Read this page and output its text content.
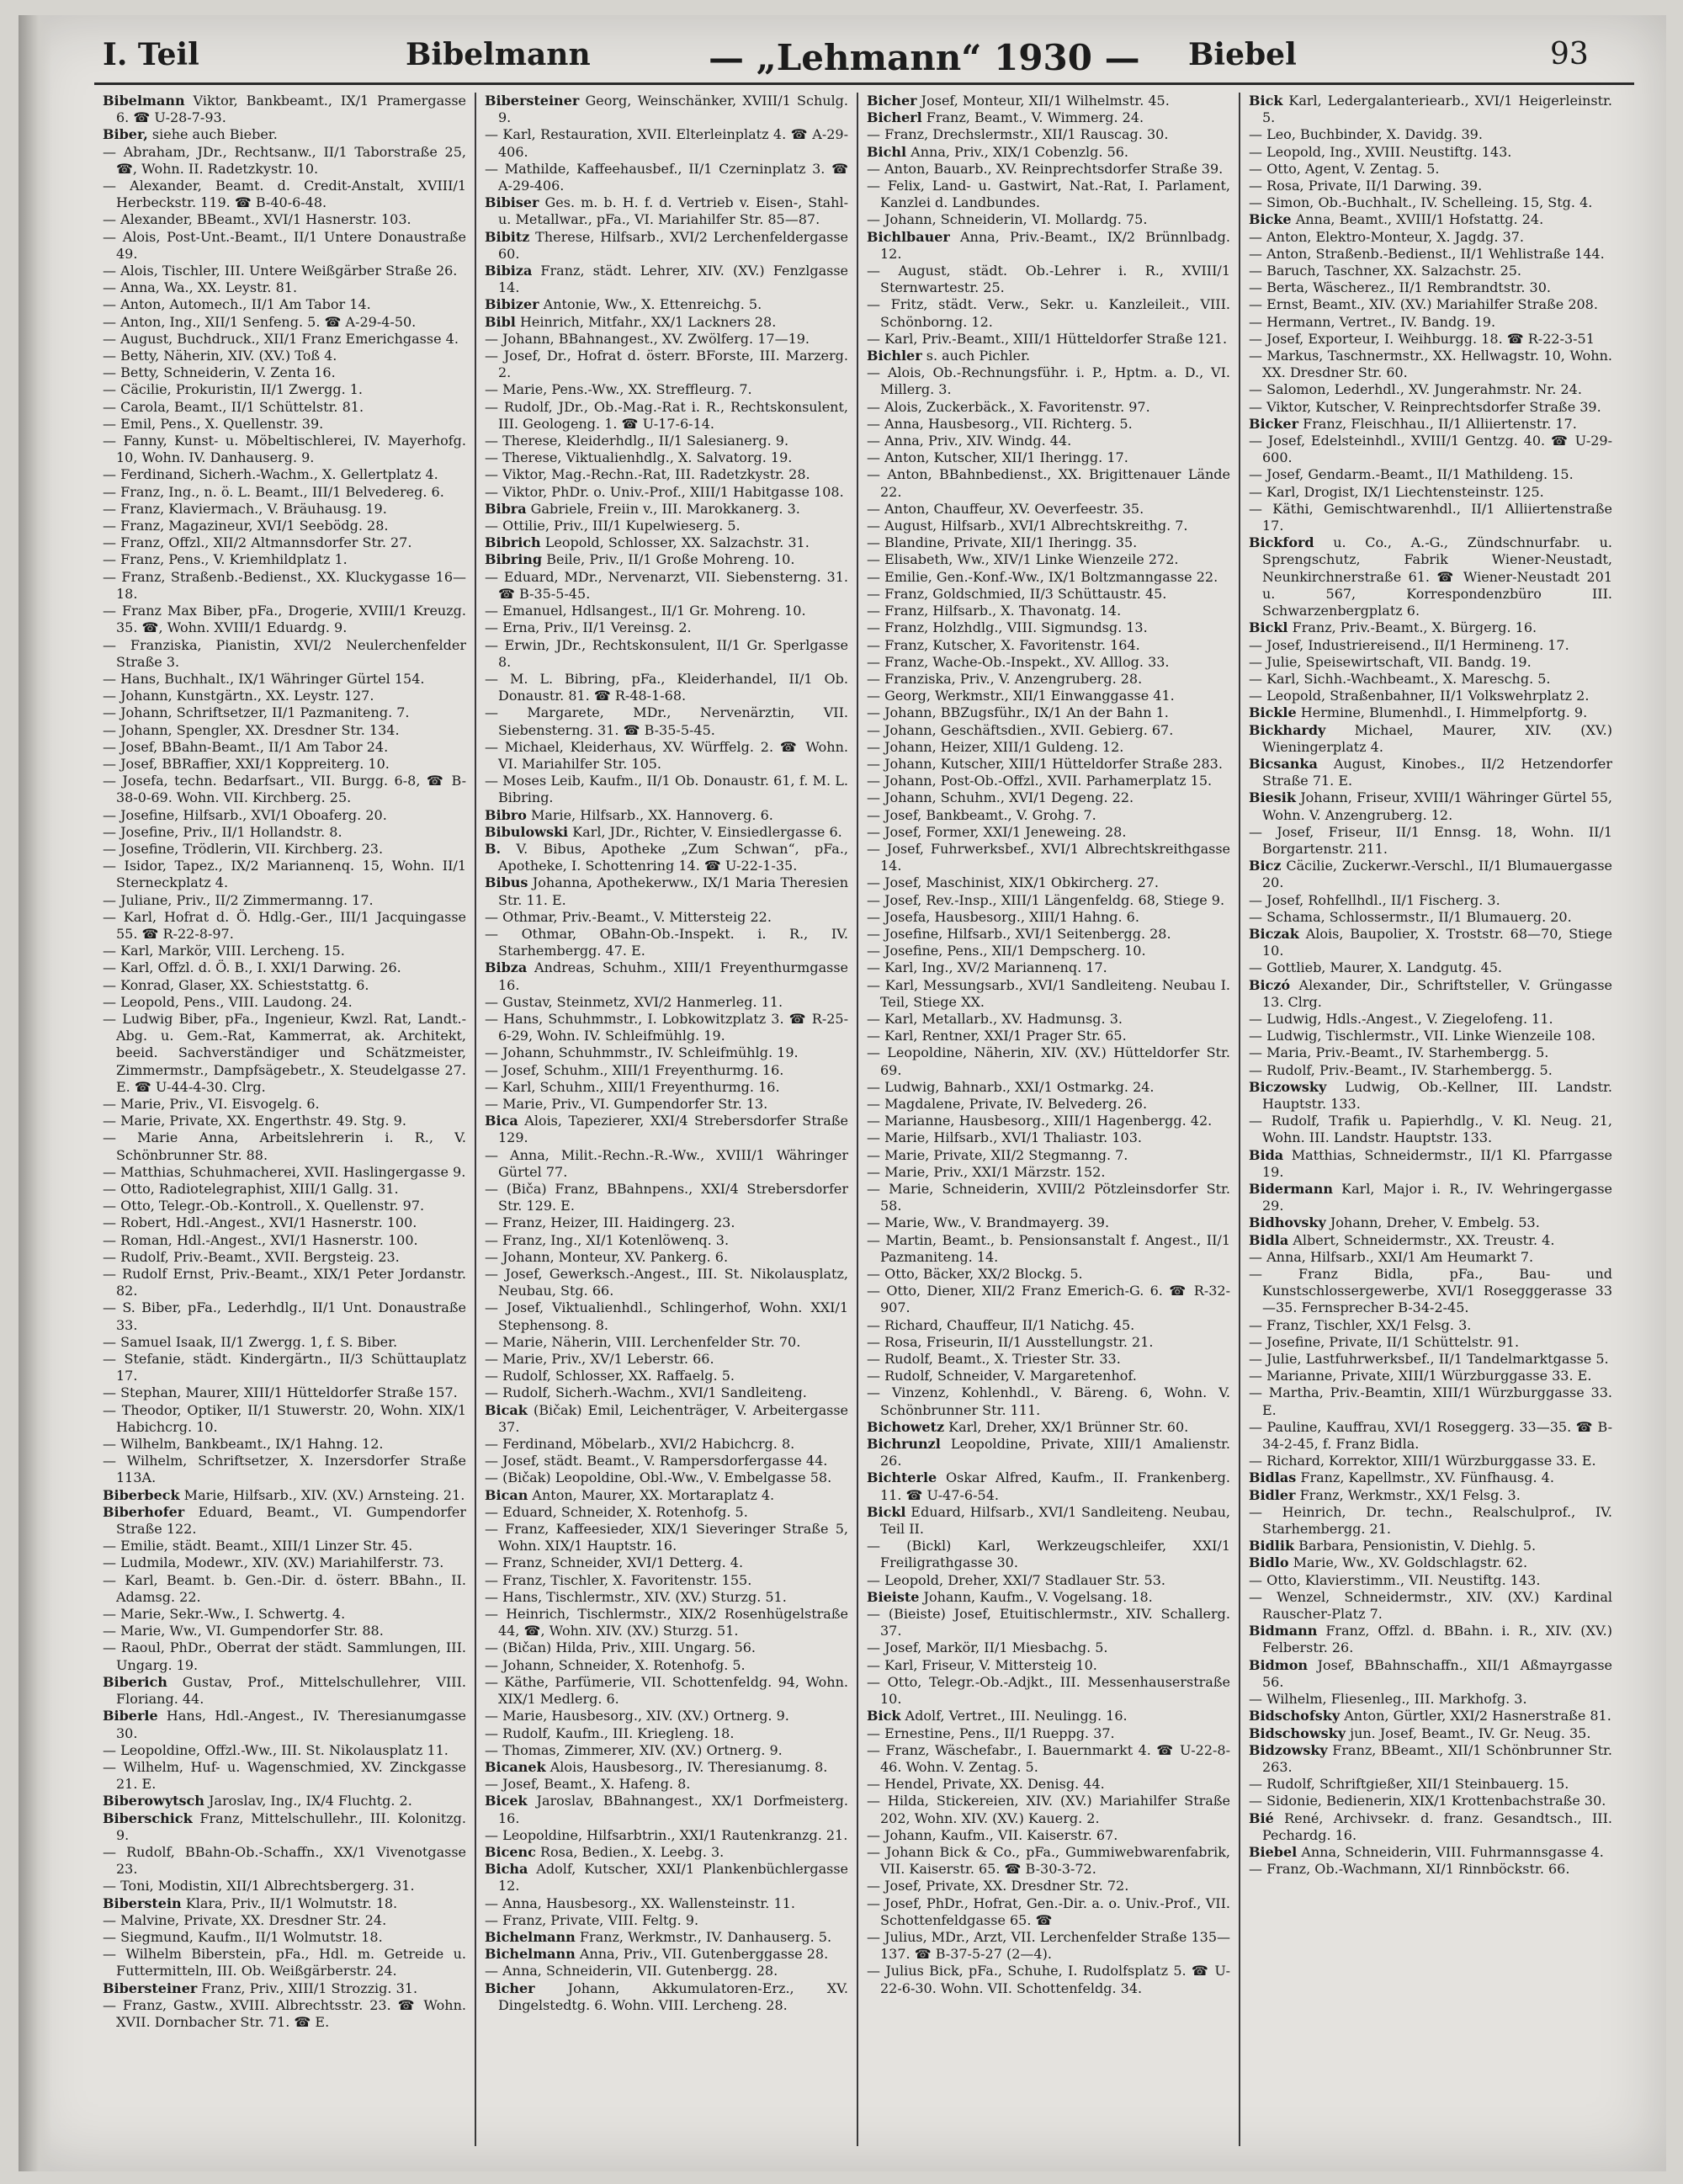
I. Teil	Bibelmann	— „Lehmann“ 1930 — Biebel	93
Bibelmann Viktor, Bankbeamt., IX/1 Pramergasse 6. ☎ U-28-7-93.
Biber, siehe auch Bieber.
— Abraham, JDr., Rechtsanw., II/1 Taborstraße 25, ☎, Wohn. II. Radetzkystr. 10.
— Alexander, Beamt. d. Credit-Anstalt, XVIII/1 Herbeckstr. 119. ☎ B-40-6-48.
— Alexander, BBeamt., XVI/1 Hasnerstr. 103.
— Alois, Post-Unt.-Beamt., II/1 Untere Donaustraße 49.
— Alois, Tischler, III. Untere Weißgärber Straße 26.
— Anna, Wa., XX. Leystr. 81.
— Anton, Automech., II/1 Am Tabor 14.
— Anton, Ing., XII/1 Senfeng. 5. ☎ A-29-4-50.
— August, Buchdruck., XII/1 Franz Emerichgasse 4.
— Betty, Näherin, XIV. (XV.) Toß 4.
— Betty, Schneiderin, V. Zenta 16.
— Cäcilie, Prokuristin, II/1 Zwergg. 1.
— Carola, Beamt., II/1 Schüttelstr. 81.
— Emil, Pens., X. Quellenstr. 39.
— Fanny, Kunst- u. Möbeltischlerei, IV. Mayerhofg. 10, Wohn. IV. Danhauserg. 9.
— Ferdinand, Sicherh.-Wachm., X. Gellertplatz 4.
— Franz, Ing., n. ö. L. Beamt., III/1 Belvedereg. 6.
— Franz, Klaviermach., V. Bräuhausg. 19.
— Franz, Magazineur, XVI/1 Seebödg. 28.
— Franz, Offzl., XII/2 Altmannsdorfer Str. 27.
— Franz, Pens., V. Kriemhildplatz 1.
— Franz, Straßenb.-Bedienst., XX. Kluckygasse 16—18.
— Franz Max Biber, pFa., Drogerie, XVIII/1 Kreuzg. 35. ☎, Wohn. XVIII/1 Eduardg. 9.
— Franziska, Pianistin, XVI/2 Neulerchenfelder Straße 3.
— Hans, Buchhalt., IX/1 Währinger Gürtel 154.
— Johann, Kunstgärtn., XX. Leystr. 127.
— Johann, Schriftsetzer, II/1 Pazmaniteng. 7.
— Johann, Spengler, XX. Dresdner Str. 134.
— Josef, BBahn-Beamt., II/1 Am Tabor 24.
— Josef, BBRaffier, XXI/1 Koppreiterg. 10.
— Josefa, techn. Bedarfsart., VII. Burgg. 6-8, ☎ B-38-0-69. Wohn. VII. Kirchberg. 25.
— Josefine, Hilfsarb., XVI/1 Oboaferg. 20.
— Josefine, Priv., II/1 Hollandstr. 8.
— Josefine, Trödlerin, VII. Kirchberg. 23.
— Isidor, Tapez., IX/2 Mariannenq. 15, Wohn. II/1 Sterneckplatz 4.
— Juliane, Priv., II/2 Zimmermanng. 17.
— Karl, Hofrat d. Ö. Hdlg.-Ger., III/1 Jacquingasse 55. ☎ R-22-8-97.
— Karl, Markör, VIII. Lercheng. 15.
— Karl, Offzl. d. Ö. B., I. XXI/1 Darwing. 26.
— Konrad, Glaser, XX. Schieststattg. 6.
— Leopold, Pens., VIII. Laudong. 24.
— Ludwig Biber, pFa., Ingenieur, Kwzl. Rat, Landt.-Abg. u. Gem.-Rat, Kammerrat, ak. Architekt, beeid. Sachverständiger und Schätzmeister, Zimmermstr., Dampfsägebetr., X. Steudelgasse 27. E. ☎ U-44-4-30. Clrg.
— Marie, Priv., VI. Eisvogelg. 6.
— Marie, Private, XX. Engerthstr. 49. Stg. 9.
— Marie Anna, Arbeitslehrerin i. R., V. Schönbrunner Str. 88.
— Matthias, Schuhmacherei, XVII. Haslingergasse 9.
— Otto, Radiotelegraphist, XIII/1 Gallg. 31.
— Otto, Telegr.-Ob.-Kontroll., X. Quellenstr. 97.
— Robert, Hdl.-Angest., XVI/1 Hasnerstr. 100.
— Roman, Hdl.-Angest., XVI/1 Hasnerstr. 100.
— Rudolf, Priv.-Beamt., XVII. Bergsteig. 23.
— Rudolf Ernst, Priv.-Beamt., XIX/1 Peter Jordanstr. 82.
— S. Biber, pFa., Lederhdlg., II/1 Unt. Donaustraße 33.
— Samuel Isaak, II/1 Zwergg. 1, f. S. Biber.
— Stefanie, städt. Kindergärtn., II/3 Schüttauplatz 17.
— Stephan, Maurer, XIII/1 Hütteldorfer Straße 157.
— Theodor, Optiker, II/1 Stuwerstr. 20, Wohn. XIX/1 Habichcrg. 10.
— Wilhelm, Bankbeamt., IX/1 Hahng. 12.
— Wilhelm, Schriftsetzer, X. Inzersdorfer Straße 113A.
Biberbeck Marie, Hilfsarb., XIV. (XV.) Arnsteing. 21.
Biberhofer Eduard, Beamt., VI. Gumpendorfer Straße 122.
— Emilie, städt. Beamt., XIII/1 Linzer Str. 45.
— Ludmila, Modewr., XIV. (XV.) Mariahilferstr. 73.
— Karl, Beamt. b. Gen.-Dir. d. österr. BBahn., II. Adamsg. 22.
— Marie, Sekr.-Ww., I. Schwertg. 4.
— Marie, Ww., VI. Gumpendorfer Str. 88.
— Raoul, PhDr., Oberrat der städt. Sammlungen, III. Ungarg. 19.
Biberich Gustav, Prof., Mittelschullehrer, VIII. Floriang. 44.
Biberle Hans, Hdl.-Angest., IV. Theresianumgasse 30.
— Leopoldine, Offzl.-Ww., III. St. Nikolausplatz 11.
— Wilhelm, Huf- u. Wagenschmied, XV. Zinckgasse 21. E.
Biberowytsch Jaroslav, Ing., IX/4 Fluchtg. 2.
Biberschick Franz, Mittelschullehr., III. Kolonitzg. 9.
— Rudolf, BBahn-Ob.-Schaffn., XX/1 Vivenotgasse 23.
— Toni, Modistin, XII/1 Albrechtsbergerg. 31.
Biberstein Klara, Priv., II/1 Wolmutstr. 18.
— Malvine, Private, XX. Dresdner Str. 24.
— Siegmund, Kaufm., II/1 Wolmutstr. 18.
— Wilhelm Biberstein, pFa., Hdl. m. Getreide u. Futtermitteln, III. Ob. Weißgärberstr. 24.
Bibersteiner Franz, Priv., XIII/1 Strozzig. 31.
— Franz, Gastw., XVIII. Albrechtsstr. 23. ☎ Wohn. XVII. Dornbacher Str. 71. ☎ E.
Bibersteiner Georg, Weinschänker, XVIII/1 Schulg. 9.
— Karl, Restauration, XVII. Elterleinplatz 4. ☎ A-29-406.
— Mathilde, Kaffeehausbef., II/1 Czerninplatz 3. ☎ A-29-406.
Bibiser Ges. m. b. H. f. d. Vertrieb v. Eisen-, Stahl- u. Metallwar., pFa., VI. Mariahilfer Str. 85—87.
Bibitz Therese, Hilfsarb., XVI/2 Lerchenfeldergasse 60.
Bibiza Franz, städt. Lehrer, XIV. (XV.) Fenzlgasse 14.
Bibizer Antonie, Ww., X. Ettenreichg. 5.
Bibl Heinrich, Mitfahr., XX/1 Lackners 28.
— Johann, BBahnangest., XV. Zwölferg. 17—19.
— Josef, Dr., Hofrat d. österr. BForste, III. Marzerg. 2.
— Marie, Pens.-Ww., XX. Streffleurg. 7.
— Rudolf, JDr., Ob.-Mag.-Rat i. R., Rechtskonsulent, III. Geologeng. 1. ☎ U-17-6-14.
— Therese, Kleiderhdlg., II/1 Salesianerg. 9.
— Therese, Viktualienhdlg., X. Salvatorg. 19.
— Viktor, Mag.-Rechn.-Rat, III. Radetzkystr. 28.
— Viktor, PhDr. o. Univ.-Prof., XIII/1 Habitgasse 108.
Bibra Gabriele, Freiin v., III. Marokkanerg. 3.
— Ottilie, Priv., III/1 Kupelwieserg. 5.
Bibrich Leopold, Schlosser, XX. Salzachstr. 31.
Bibring Beile, Priv., II/1 Große Mohreng. 10.
— Eduard, MDr., Nervenarzt, VII. Siebensterng. 31. ☎ B-35-5-45.
— Emanuel, Hdlsangest., II/1 Gr. Mohreng. 10.
— Erna, Priv., II/1 Vereinsg. 2.
— Erwin, JDr., Rechtskonsulent, II/1 Gr. Sperlgasse 8.
— M. L. Bibring, pFa., Kleiderhandel, II/1 Ob. Donaustr. 81. ☎ R-48-1-68.
— Margarete, MDr., Nervenärztin, VII. Siebensterng. 31. ☎ B-35-5-45.
— Michael, Kleiderhaus, XV. Würffelg. 2. ☎ Wohn. VI. Mariahilfer Str. 105.
— Moses Leib, Kaufm., II/1 Ob. Donaustr. 61, f. M. L. Bibring.
Bibro Marie, Hilfsarb., XX. Hannoverg. 6.
Bibulowski Karl, JDr., Richter, V. Einsiedlergasse 6.
B. V. Bibus, Apotheke „Zum Schwan“, pFa., Apotheke, I. Schottenring 14. ☎ U-22-1-35.
Bibus Johanna, Apothekerww., IX/1 Maria Theresien Str. 11. E.
— Othmar, Priv.-Beamt., V. Mittersteig 22.
— Othmar, OBahn-Ob.-Inspekt. i. R., IV. Starhembergg. 47. E.
Bibza Andreas, Schuhm., XIII/1 Freyenthurmgasse 16.
— Gustav, Steinmetz, XVI/2 Hanmerleg. 11.
— Hans, Schuhmmstr., I. Lobkowitzplatz 3. ☎ R-25-6-29, Wohn. IV. Schleifmühlg. 19.
— Johann, Schuhmmstr., IV. Schleifmühlg. 19.
— Josef, Schuhm., XIII/1 Freyenthurmg. 16.
— Karl, Schuhm., XIII/1 Freyenthurmg. 16.
— Marie, Priv., VI. Gumpendorfer Str. 13.
Bica Alois, Tapezierer, XXI/4 Strebersdorfer Straße 129.
— Anna, Milit.-Rechn.-R.-Ww., XVIII/1 Währinger Gürtel 77.
— (Biča) Franz, BBahnpens., XXI/4 Strebersdorfer Str. 129. E.
— Franz, Heizer, III. Haidingerg. 23.
— Franz, Ing., XI/1 Kotenlöwenq. 3.
— Johann, Monteur, XV. Pankerg. 6.
— Josef, Gewerksch.-Angest., III. St. Nikolausplatz, Neubau, Stg. 66.
— Josef, Viktualienhdl., Schlingerhof, Wohn. XXI/1 Stephensong. 8.
— Marie, Näherin, VIII. Lerchenfelder Str. 70.
— Marie, Priv., XV/1 Leberstr. 66.
— Rudolf, Schlosser, XX. Raffaelg. 5.
— Rudolf, Sicherh.-Wachm., XVI/1 Sandleiteng.
Bicak (Bičak) Emil, Leichenträger, V. Arbeitergasse 37.
— Ferdinand, Möbelarb., XVI/2 Habichcrg. 8.
— Josef, städt. Beamt., V. Rampersdorfergasse 44.
— (Bičak) Leopoldine, Obl.-Ww., V. Embelgasse 58.
Bican Anton, Maurer, XX. Mortaraplatz 4.
— Eduard, Schneider, X. Rotenhofg. 5.
— Franz, Kaffeesieder, XIX/1 Sieveringer Straße 5, Wohn. XIX/1 Hauptstr. 16.
— Franz, Schneider, XVI/1 Detterg. 4.
— Franz, Tischler, X. Favoritenstr. 155.
— Hans, Tischlermstr., XIV. (XV.) Sturzg. 51.
— Heinrich, Tischlermstr., XIX/2 Rosenhügelstraße 44, ☎, Wohn. XIV. (XV.) Sturzg. 51.
— (Bičan) Hilda, Priv., XIII. Ungarg. 56.
— Johann, Schneider, X. Rotenhofg. 5.
— Käthe, Parfümerie, VII. Schottenfeldg. 94, Wohn. XIX/1 Medlerg. 6.
— Marie, Hausbesorg., XIV. (XV.) Ortnerg. 9.
— Rudolf, Kaufm., III. Kriegleng. 18.
— Thomas, Zimmerer, XIV. (XV.) Ortnerg. 9.
Bicanek Alois, Hausbesorg., IV. Theresianumg. 8.
— Josef, Beamt., X. Hafeng. 8.
Bicek Jaroslav, BBahnangest., XX/1 Dorfmeisterg. 16.
— Leopoldine, Hilfsarbtrin., XXI/1 Rautenkranzg. 21.
Bicenc Rosa, Bedien., X. Leebg. 3.
Bicha Adolf, Kutscher, XXI/1 Plankenbüchlergasse 12.
— Anna, Hausbesorg., XX. Wallensteinstr. 11.
— Franz, Private, VIII. Feltg. 9.
Bichelmann Franz, Werkmstr., IV. Danhauserg. 5.
Bichelmann Anna, Priv., VII. Gutenberggasse 28.
— Anna, Schneiderin, VII. Gutenbergg. 28.
Bicher Johann, Akkumulatoren-Erz., XV. Dingelstedtg. 6. Wohn. VIII. Lercheng. 28.
Bicher Josef, Monteur, XII/1 Wilhelmstr. 45.
Bicherl Franz, Beamt., V. Wimmerg. 24.
— Franz, Drechslermstr., XII/1 Rauscag. 30.
Bichl Anna, Priv., XIX/1 Cobenzlg. 56.
— Anton, Bauarb., XV. Reinprechtsdorfer Straße 39.
— Felix, Land- u. Gastwirt, Nat.-Rat, I. Parlament, Kanzlei d. Landbundes.
— Johann, Schneiderin, VI. Mollardg. 75.
Bichlbauer Anna, Priv.-Beamt., IX/2 Brünnlbadg. 12.
— August, städt. Ob.-Lehrer i. R., XVIII/1 Sternwartestr. 25.
— Fritz, städt. Verw., Sekr. u. Kanzleileit., VIII. Schönborng. 12.
— Karl, Priv.-Beamt., XIII/1 Hütteldorfer Straße 121.
Bichler s. auch Pichler.
— Alois, Ob.-Rechnungsführ. i. P., Hptm. a. D., VI. Millerg. 3.
— Alois, Zuckerbäck., X. Favoritenstr. 97.
— Anna, Hausbesorg., VII. Richterg. 5.
— Anna, Priv., XIV. Windg. 44.
— Anton, Kutscher, XII/1 Iheringg. 17.
— Anton, BBahnbedienst., XX. Brigittenauer Lände 22.
— Anton, Chauffeur, XV. Oeverfeestr. 35.
— August, Hilfsarb., XVI/1 Albrechtskreithg. 7.
— Blandine, Private, XII/1 Iheringg. 35.
— Elisabeth, Ww., XIV/1 Linke Wienzeile 272.
— Emilie, Gen.-Konf.-Ww., IX/1 Boltzmanngasse 22.
— Franz, Goldschmied, II/3 Schüttaustr. 45.
— Franz, Hilfsarb., X. Thavonatg. 14.
— Franz, Holzhdlg., VIII. Sigmundsg. 13.
— Franz, Kutscher, X. Favoritenstr. 164.
— Franz, Wache-Ob.-Inspekt., XV. Alllog. 33.
— Franziska, Priv., V. Anzengruberg. 28.
— Georg, Werkmstr., XII/1 Einwanggasse 41.
— Johann, BBZugsführ., IX/1 An der Bahn 1.
— Johann, Geschäftsdien., XVII. Gebierg. 67.
— Johann, Heizer, XIII/1 Guldeng. 12.
— Johann, Kutscher, XIII/1 Hütteldorfer Straße 283.
— Johann, Post-Ob.-Offzl., XVII. Parhamerplatz 15.
— Johann, Schuhm., XVI/1 Degeng. 22.
— Josef, Bankbeamt., V. Grohg. 7.
— Josef, Former, XXI/1 Jeneweing. 28.
— Josef, Fuhrwerksbef., XVI/1 Albrechtskreithgasse 14.
— Josef, Maschinist, XIX/1 Obkircherg. 27.
— Josef, Rev.-Insp., XIII/1 Längenfeldg. 68, Stiege 9.
— Josefa, Hausbesorg., XIII/1 Hahng. 6.
— Josefine, Hilfsarb., XVI/1 Seitenbergg. 28.
— Josefine, Pens., XII/1 Dempscherg. 10.
— Karl, Ing., XV/2 Mariannenq. 17.
— Karl, Messungsarb., XVI/1 Sandleiteng. Neubau I. Teil, Stiege XX.
— Karl, Metallarb., XV. Hadmunsg. 3.
— Karl, Rentner, XXI/1 Prager Str. 65.
— Leopoldine, Näherin, XIV. (XV.) Hütteldorfer Str. 69.
— Ludwig, Bahnarb., XXI/1 Ostmarkg. 24.
— Magdalene, Private, IV. Belvederg. 26.
— Marianne, Hausbesorg., XIII/1 Hagenbergg. 42.
— Marie, Hilfsarb., XVI/1 Thaliastr. 103.
— Marie, Private, XII/2 Stegmanng. 7.
— Marie, Priv., XXI/1 Märzstr. 152.
— Marie, Schneiderin, XVIII/2 Pötzleinsdorfer Str. 58.
— Marie, Ww., V. Brandmayerg. 39.
— Martin, Beamt., b. Pensionsanstalt f. Angest., II/1 Pazmaniteng. 14.
— Otto, Bäcker, XX/2 Blockg. 5.
— Otto, Diener, XII/2 Franz Emerich-G. 6. ☎ R-32-907.
— Richard, Chauffeur, II/1 Natichg. 45.
— Rosa, Friseurin, II/1 Ausstellungstr. 21.
— Rudolf, Beamt., X. Triester Str. 33.
— Rudolf, Schneider, V. Margaretenhof.
— Vinzenz, Kohlenhdl., V. Bäreng. 6, Wohn. V. Schönbrunner Str. 111.
Bichowetz Karl, Dreher, XX/1 Brünner Str. 60.
Bichrunzl Leopoldine, Private, XIII/1 Amalienstr. 26.
Bichterle Oskar Alfred, Kaufm., II. Frankenberg. 11. ☎ U-47-6-54.
Bickl Eduard, Hilfsarb., XVI/1 Sandleiteng. Neubau, Teil II.
— (Bickl) Karl, Werkzeugschleifer, XXI/1 Freiligrathgasse 30.
— Leopold, Dreher, XXI/7 Stadlauer Str. 53.
Bieiste Johann, Kaufm., V. Vogelsang. 18.
— (Bieiste) Josef, Etuitischlermstr., XIV. Schallerg. 37.
— Josef, Markör, II/1 Miesbachg. 5.
— Karl, Friseur, V. Mittersteig 10.
— Otto, Telegr.-Ob.-Adjkt., III. Messenhauserstraße 10.
Bick Adolf, Vertret., III. Neulingg. 16.
— Ernestine, Pens., II/1 Rueppg. 37.
— Franz, Wäschefabr., I. Bauernmarkt 4. ☎ U-22-8-46. Wohn. V. Zentag. 5.
— Hendel, Private, XX. Denisg. 44.
— Hilda, Stickereien, XIV. (XV.) Mariahilfer Straße 202, Wohn. XIV. (XV.) Kauerg. 2.
— Johann, Kaufm., VII. Kaiserstr. 67.
— Johann Bick & Co., pFa., Gummiwebwarenfabrik, VII. Kaiserstr. 65. ☎ B-30-3-72.
— Josef, Private, XX. Dresdner Str. 72.
— Josef, PhDr., Hofrat, Gen.-Dir. a. o. Univ.-Prof., VII. Schottenfeldgasse 65. ☎
— Julius, MDr., Arzt, VII. Lerchenfelder Straße 135—137. ☎ B-37-5-27 (2—4).
— Julius Bick, pFa., Schuhe, I. Rudolfsplatz 5. ☎ U-22-6-30. Wohn. VII. Schottenfeldg. 34.
Bick Karl, Ledergalanteriearb., XVI/1 Heigerleinstr. 5.
— Leo, Buchbinder, X. Davidg. 39.
— Leopold, Ing., XVIII. Neustiftg. 143.
— Otto, Agent, V. Zentag. 5.
— Rosa, Private, II/1 Darwing. 39.
— Simon, Ob.-Buchhalt., IV. Schelleing. 15, Stg. 4.
Bicke Anna, Beamt., XVIII/1 Hofstattg. 24.
— Anton, Elektro-Monteur, X. Jagdg. 37.
— Anton, Straßenb.-Bedienst., II/1 Wehlistraße 144.
— Baruch, Taschner, XX. Salzachstr. 25.
— Berta, Wäscherez., II/1 Rembrandtstr. 30.
— Ernst, Beamt., XIV. (XV.) Mariahilfer Straße 208.
— Hermann, Vertret., IV. Bandg. 19.
— Josef, Exporteur, I. Weihburgg. 18. ☎ R-22-3-51
— Markus, Taschnermstr., XX. Hellwagstr. 10, Wohn. XX. Dresdner Str. 60.
— Salomon, Lederhdl., XV. Jungerahmstr. Nr. 24.
— Viktor, Kutscher, V. Reinprechtsdorfer Straße 39.
Bicker Franz, Fleischhau., II/1 Alliiertenstr. 17.
— Josef, Edelsteinhdl., XVIII/1 Gentzg. 40. ☎ U-29-600.
— Josef, Gendarm.-Beamt., II/1 Mathildeng. 15.
— Karl, Drogist, IX/1 Liechtensteinstr. 125.
— Käthi, Gemischtwarenhdl., II/1 Alliiertenstraße 17.
Bickford u. Co., A.-G., Zündschnurfabr. u. Sprengschutz, Fabrik Wiener-Neustadt, Neunkirchnerstraße 61. ☎ Wiener-Neustadt 201 u. 567, Korrespondenzbüro III. Schwarzenbergplatz 6.
Bickl Franz, Priv.-Beamt., X. Bürgerg. 16.
— Josef, Industriereisend., II/1 Hermineng. 17.
— Julie, Speisewirtschaft, VII. Bandg. 19.
— Karl, Sichh.-Wachbeamt., X. Mareschg. 5.
— Leopold, Straßenbahner, II/1 Volkswehrplatz 2.
Bickle Hermine, Blumenhdl., I. Himmelpfortg. 9.
Bickhardy Michael, Maurer, XIV. (XV.) Wieningerplatz 4.
Bicsanka August, Kinobes., II/2 Hetzendorfer Straße 71. E.
Biesik Johann, Friseur, XVIII/1 Währinger Gürtel 55, Wohn. V. Anzengruberg. 12.
— Josef, Friseur, II/1 Ennsg. 18, Wohn. II/1 Borgartenstr. 211.
Bicz Cäcilie, Zuckerwr.-Verschl., II/1 Blumauergasse 20.
— Josef, Rohfellhdl., II/1 Fischerg. 3.
— Schama, Schlossermstr., II/1 Blumauerg. 20.
Biczak Alois, Baupolier, X. Troststr. 68—70, Stiege 10.
— Gottlieb, Maurer, X. Landgutg. 45.
Biczó Alexander, Dir., Schriftsteller, V. Grüngasse 13. Clrg.
— Ludwig, Hdls.-Angest., V. Ziegelofeng. 11.
— Ludwig, Tischlermstr., VII. Linke Wienzeile 108.
— Maria, Priv.-Beamt., IV. Starhembergg. 5.
— Rudolf, Priv.-Beamt., IV. Starhembergg. 5.
Biczowsky Ludwig, Ob.-Kellner, III. Landstr. Hauptstr. 133.
— Rudolf, Trafik u. Papierhdlg., V. Kl. Neug. 21, Wohn. III. Landstr. Hauptstr. 133.
Bida Matthias, Schneidermstr., II/1 Kl. Pfarrgasse 19.
Bidermann Karl, Major i. R., IV. Wehringergasse 29.
Bidhovsky Johann, Dreher, V. Embelg. 53.
Bidla Albert, Schneidermstr., XX. Treustr. 4.
— Anna, Hilfsarb., XXI/1 Am Heumarkt 7.
— Franz Bidla, pFa., Bau- und Kunstschlossergewerbe, XVI/1 Rosegggerasse 33—35. Fernsprecher B-34-2-45.
— Franz, Tischler, XX/1 Felsg. 3.
— Josefine, Private, II/1 Schüttelstr. 91.
— Julie, Lastfuhrwerksbef., II/1 Tandelmarktgasse 5.
— Marianne, Private, XIII/1 Würzburggasse 33. E.
— Martha, Priv.-Beamtin, XIII/1 Würzburggasse 33. E.
— Pauline, Kauffrau, XVI/1 Roseggerg. 33—35. ☎ B-34-2-45, f. Franz Bidla.
— Richard, Korrektor, XIII/1 Würzburggasse 33. E.
Bidlas Franz, Kapellmstr., XV. Fünfhausg. 4.
Bidler Franz, Werkmstr., XX/1 Felsg. 3.
— Heinrich, Dr. techn., Realschulprof., IV. Starhembergg. 21.
Bidlik Barbara, Pensionistin, V. Diehlg. 5.
Bidlo Marie, Ww., XV. Goldschlagstr. 62.
— Otto, Klavierstimm., VII. Neustiftg. 143.
— Wenzel, Schneidermstr., XIV. (XV.) Kardinal Rauscher-Platz 7.
Bidmann Franz, Offzl. d. BBahn. i. R., XIV. (XV.) Felberstr. 26.
Bidmon Josef, BBahnschaffn., XII/1 Aßmayrgasse 56.
— Wilhelm, Fliesenleg., III. Markhofg. 3.
Bidschofsky Anton, Gürtler, XXI/2 Hasnerstraße 81.
Bidschowsky jun. Josef, Beamt., IV. Gr. Neug. 35.
Bidzowsky Franz, BBeamt., XII/1 Schönbrunner Str. 263.
— Rudolf, Schriftgießer, XII/1 Steinbauerg. 15.
— Sidonie, Bedienerin, XIX/1 Krottenbachstraße 30.
Bié René, Archivsekr. d. franz. Gesandtsch., III. Pechardg. 16.
Biebel Anna, Schneiderin, VIII. Fuhrmannsgasse 4.
— Franz, Ob.-Wachmann, XI/1 Rinnböckstr. 66.
